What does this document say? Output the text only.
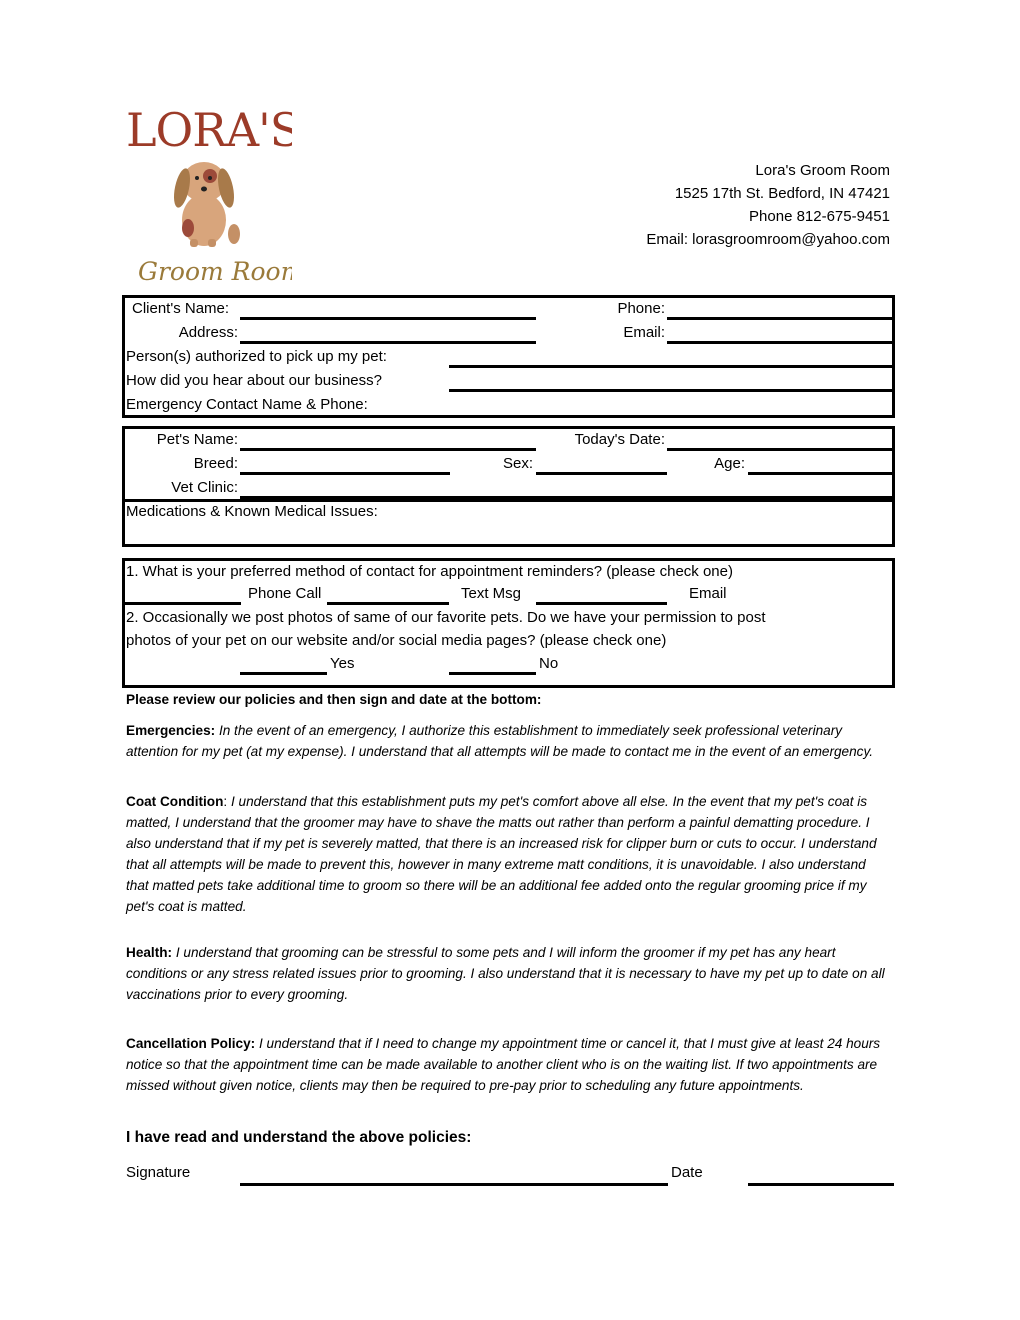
LORA'S
Groom Room
Lora's Groom Room
1525 17th St. Bedford, IN 47421
Phone 812-675-9451
Email: lorasgroomroom@yahoo.com
Client's Name:	Phone:
Address:	Email:
Person(s) authorized to pick up my pet:
How did you hear about our business?
Emergency Contact Name & Phone:
Pet's Name:	Today's Date:
Breed:	Sex:	Age:
Vet Clinic:
Medications & Known Medical Issues:
1. What is your preferred method of contact for appointment reminders? (please check one)
Phone Call	Text Msg	Email
2. Occasionally we post photos of same of our favorite pets. Do we have your permission to post
photos of your pet on our website and/or social media pages? (please check one)
Yes	No
Please review our policies and then sign and date at the bottom:
Emergencies: In the event of an emergency, I authorize this establishment to immediately seek professional veterinary attention for my pet (at my expense). I understand that all attempts will be made to contact me in the event of an emergency.
Coat Condition: I understand that this establishment puts my pet's comfort above all else. In the event that my pet's coat is matted, I understand that the groomer may have to shave the matts out rather than perform a painful dematting procedure. I also understand that if my pet is severely matted, that there is an increased risk for clipper burn or cuts to occur. I understand that all attempts will be made to prevent this, however in many extreme matt conditions, it is unavoidable. I also understand that matted pets take additional time to groom so there will be an additional fee added onto the regular grooming price if my pet's coat is matted.
Health: I understand that grooming can be stressful to some pets and I will inform the groomer if my pet has any heart conditions or any stress related issues prior to grooming. I also understand that it is necessary to have my pet up to date on all vaccinations prior to every grooming.
Cancellation Policy: I understand that if I need to change my appointment time or cancel it, that I must give at least 24 hours notice so that the appointment time can be made available to another client who is on the waiting list. If two appointments are missed without given notice, clients may then be required to pre-pay prior to scheduling any future appointments.
I have read and understand the above policies:
Signature	Date
